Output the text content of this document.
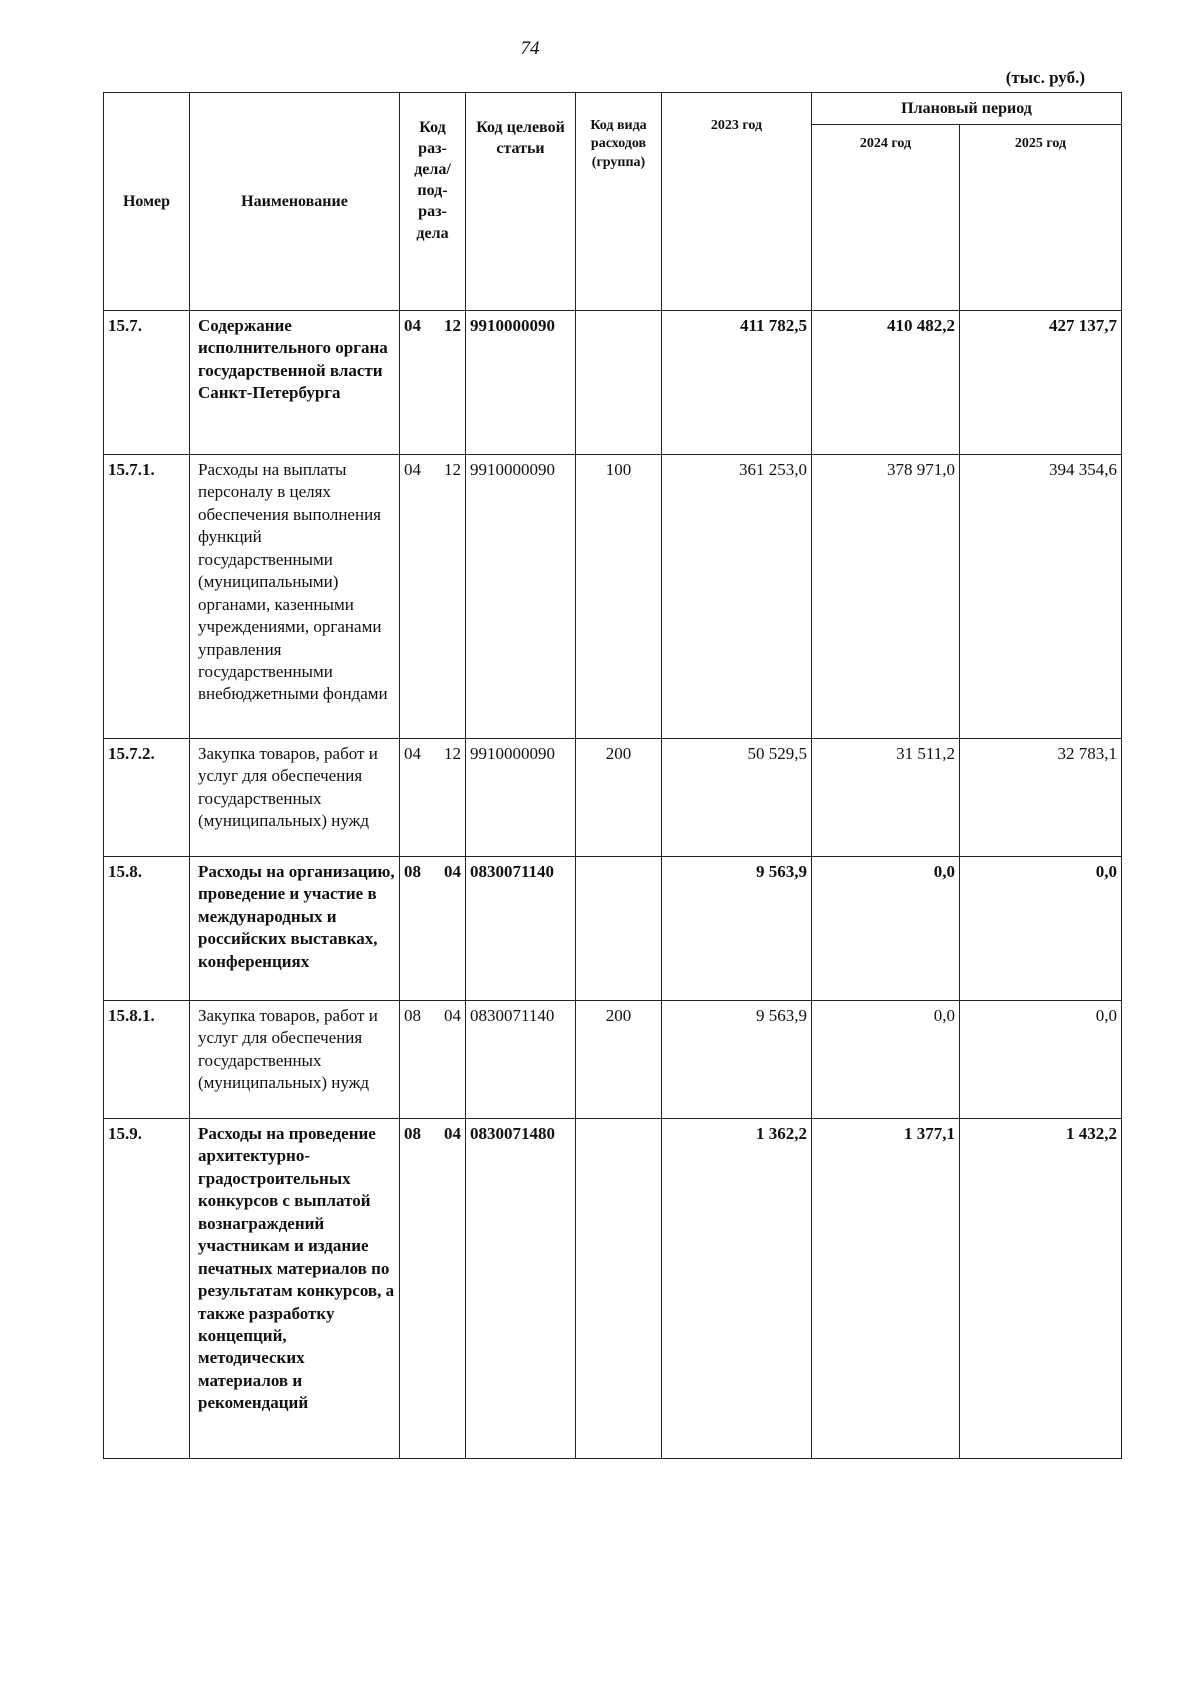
74
(тыс. руб.)
Номер	Наименование	Код раз-дела/ под-раз-дела	Код целевой статьи	Код вида расходов (группа)	2023 год	Плановый период	
						2024 год	2025 год
15.7.	Содержание исполнительного органа государственной власти Санкт-Петербурга	04 12	9910000090		411 782,5	410 482,2	427 137,7
15.7.1.	Расходы на выплаты персоналу в целях обеспечения выполнения функций государственными (муниципальными) органами, казенными учреждениями, органами управления государственными внебюджетными фондами	04 12	9910000090	100	361 253,0	378 971,0	394 354,6
15.7.2.	Закупка товаров, работ и услуг для обеспечения государственных (муниципальных) нужд	04 12	9910000090	200	50 529,5	31 511,2	32 783,1
15.8.	Расходы на организацию, проведение и участие в международных и российских выставках, конференциях	08 04	0830071140		9 563,9	0,0	0,0
15.8.1.	Закупка товаров, работ и услуг для обеспечения государственных (муниципальных) нужд	08 04	0830071140	200	9 563,9	0,0	0,0
15.9.	Расходы на проведение архитектурно-градостроительных конкурсов с выплатой вознаграждений участникам и издание печатных материалов по результатам конкурсов, а также разработку концепций, методических материалов и рекомендаций	08 04	0830071480		1 362,2	1 377,1	1 432,2
